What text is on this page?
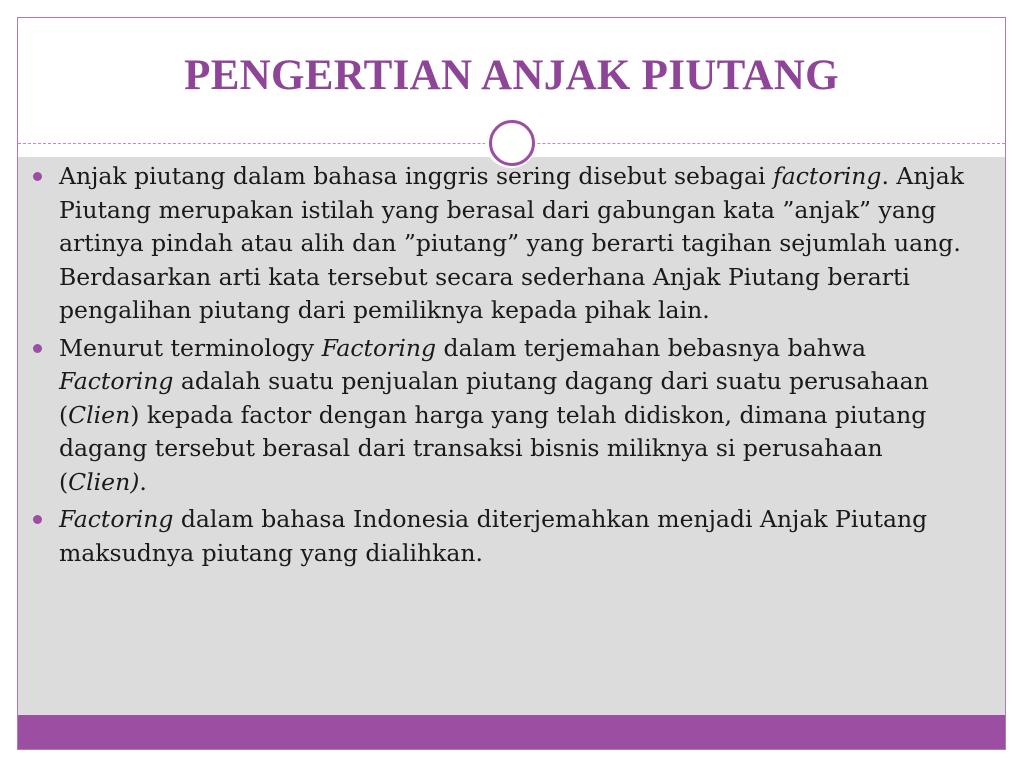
PENGERTIAN ANJAK PIUTANG
Anjak piutang dalam bahasa inggris sering disebut sebagai factoring. Anjak Piutang merupakan istilah yang berasal dari gabungan kata ”anjak” yang artinya pindah atau alih dan ”piutang” yang berarti tagihan sejumlah uang. Berdasarkan arti kata tersebut secara sederhana Anjak Piutang berarti pengalihan piutang dari pemiliknya kepada pihak lain.
Menurut terminology Factoring dalam terjemahan bebasnya bahwa Factoring adalah suatu penjualan piutang dagang dari suatu perusahaan (Clien) kepada factor dengan harga yang telah didiskon, dimana piutang dagang tersebut berasal dari transaksi bisnis miliknya si perusahaan (Clien).
Factoring dalam bahasa Indonesia diterjemahkan menjadi Anjak Piutang maksudnya piutang yang dialihkan.
